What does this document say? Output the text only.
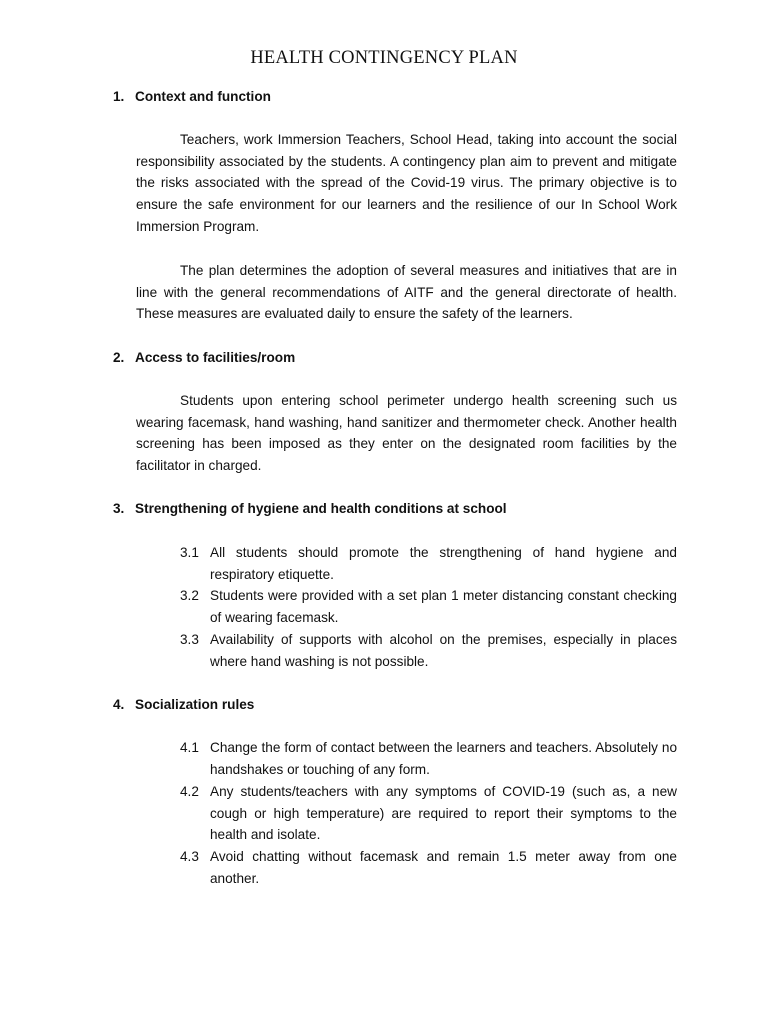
HEALTH CONTINGENCY PLAN
1. Context and function

Teachers, work Immersion Teachers, School Head, taking into account the social responsibility associated by the students. A contingency plan aim to prevent and mitigate the risks associated with the spread of the Covid-19 virus. The primary objective is to ensure the safe environment for our learners and the resilience of our In School Work Immersion Program.

The plan determines the adoption of several measures and initiatives that are in line with the general recommendations of AITF and the general directorate of health. These measures are evaluated daily to ensure the safety of the learners.

2. Access to facilities/room

Students upon entering school perimeter undergo health screening such us wearing facemask, hand washing, hand sanitizer and thermometer check. Another health screening has been imposed as they enter on the designated room facilities by the facilitator in charged.

3. Strengthening of hygiene and health conditions at school
3.1 All students should promote the strengthening of hand hygiene and respiratory etiquette.
3.2 Students were provided with a set plan 1 meter distancing constant checking of wearing facemask.
3.3 Availability of supports with alcohol on the premises, especially in places where hand washing is not possible.
4. Socialization rules
4.1 Change the form of contact between the learners and teachers. Absolutely no handshakes or touching of any form.
4.2 Any students/teachers with any symptoms of COVID-19 (such as, a new cough or high temperature) are required to report their symptoms to the health and isolate.
4.3 Avoid chatting without facemask and remain 1.5 meter away from one another.
